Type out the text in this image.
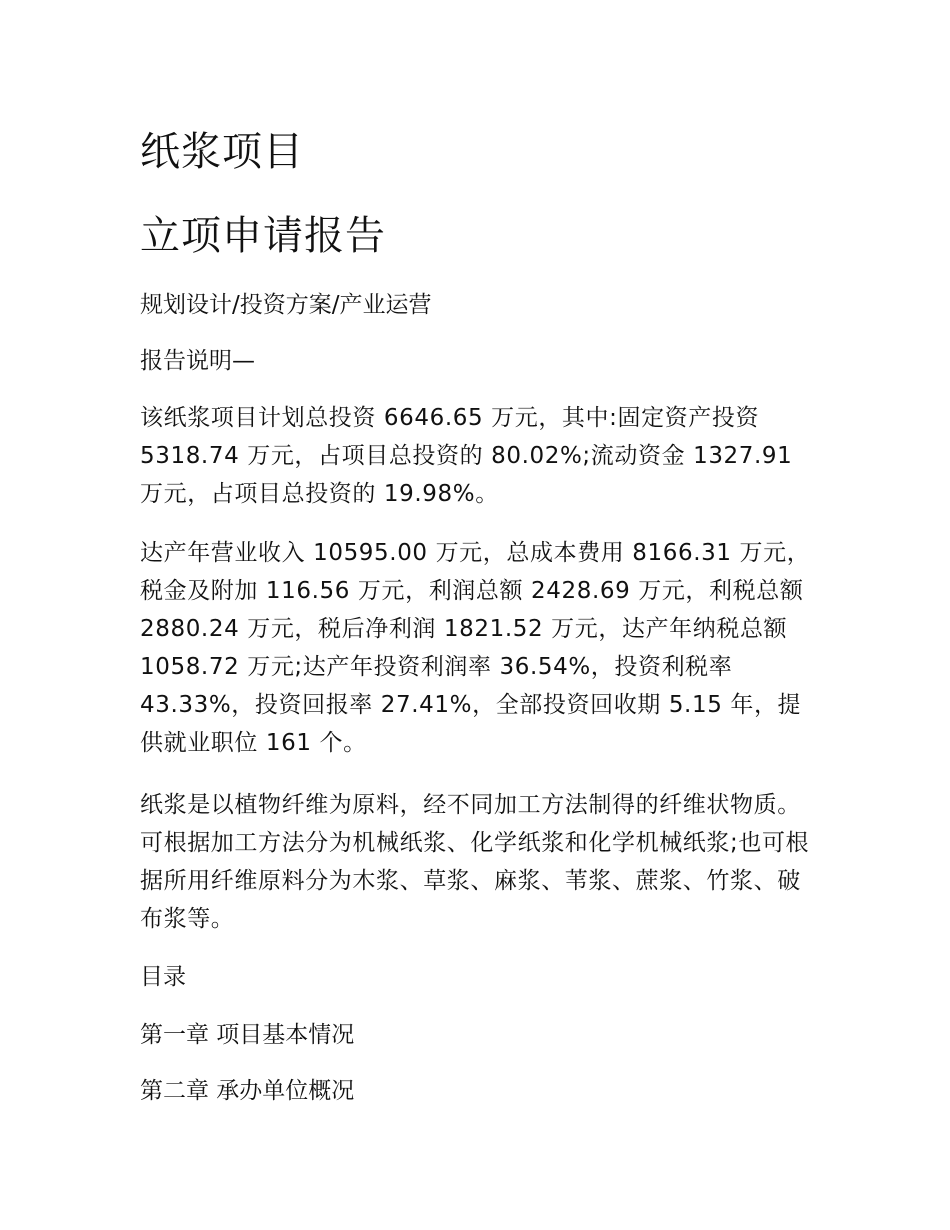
纸浆项目
立项申请报告
规划设计/投资方案/产业运营
报告说明—

该纸浆项目计划总投资 6646.65 万元，其中:固定资产投资 5318.74 万元，占项目总投资的 80.02%;流动资金 1327.91 万元，占项目总投资的 19.98%。

达产年营业收入 10595.00 万元，总成本费用 8166.31 万元，税金及附加 116.56 万元，利润总额 2428.69 万元，利税总额 2880.24 万元，税后净利润 1821.52 万元，达产年纳税总额 1058.72 万元;达产年投资利润率 36.54%，投资利税率 43.33%，投资回报率 27.41%，全部投资回收期 5.15 年，提供就业职位 161 个。

纸浆是以植物纤维为原料，经不同加工方法制得的纤维状物质。可根据加工方法分为机械纸浆、化学纸浆和化学机械纸浆;也可根据所用纤维原料分为木浆、草浆、麻浆、苇浆、蔗浆、竹浆、破布浆等。

目录
第一章 项目基本情况
第二章 承办单位概况
